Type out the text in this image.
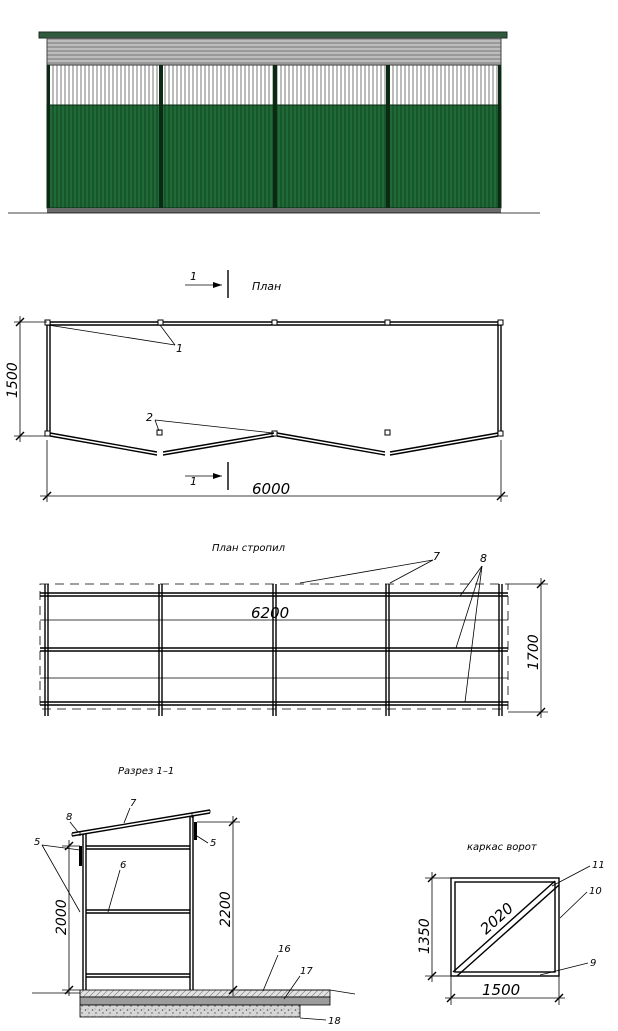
План
1
1
2
1500
1	6000
План стропил
7	8
6200
1700
Разрез 1–1
8
7
5	5
6
16
17
18
2000	2200
каркас ворот
2020
11
10
9
1350
1500
